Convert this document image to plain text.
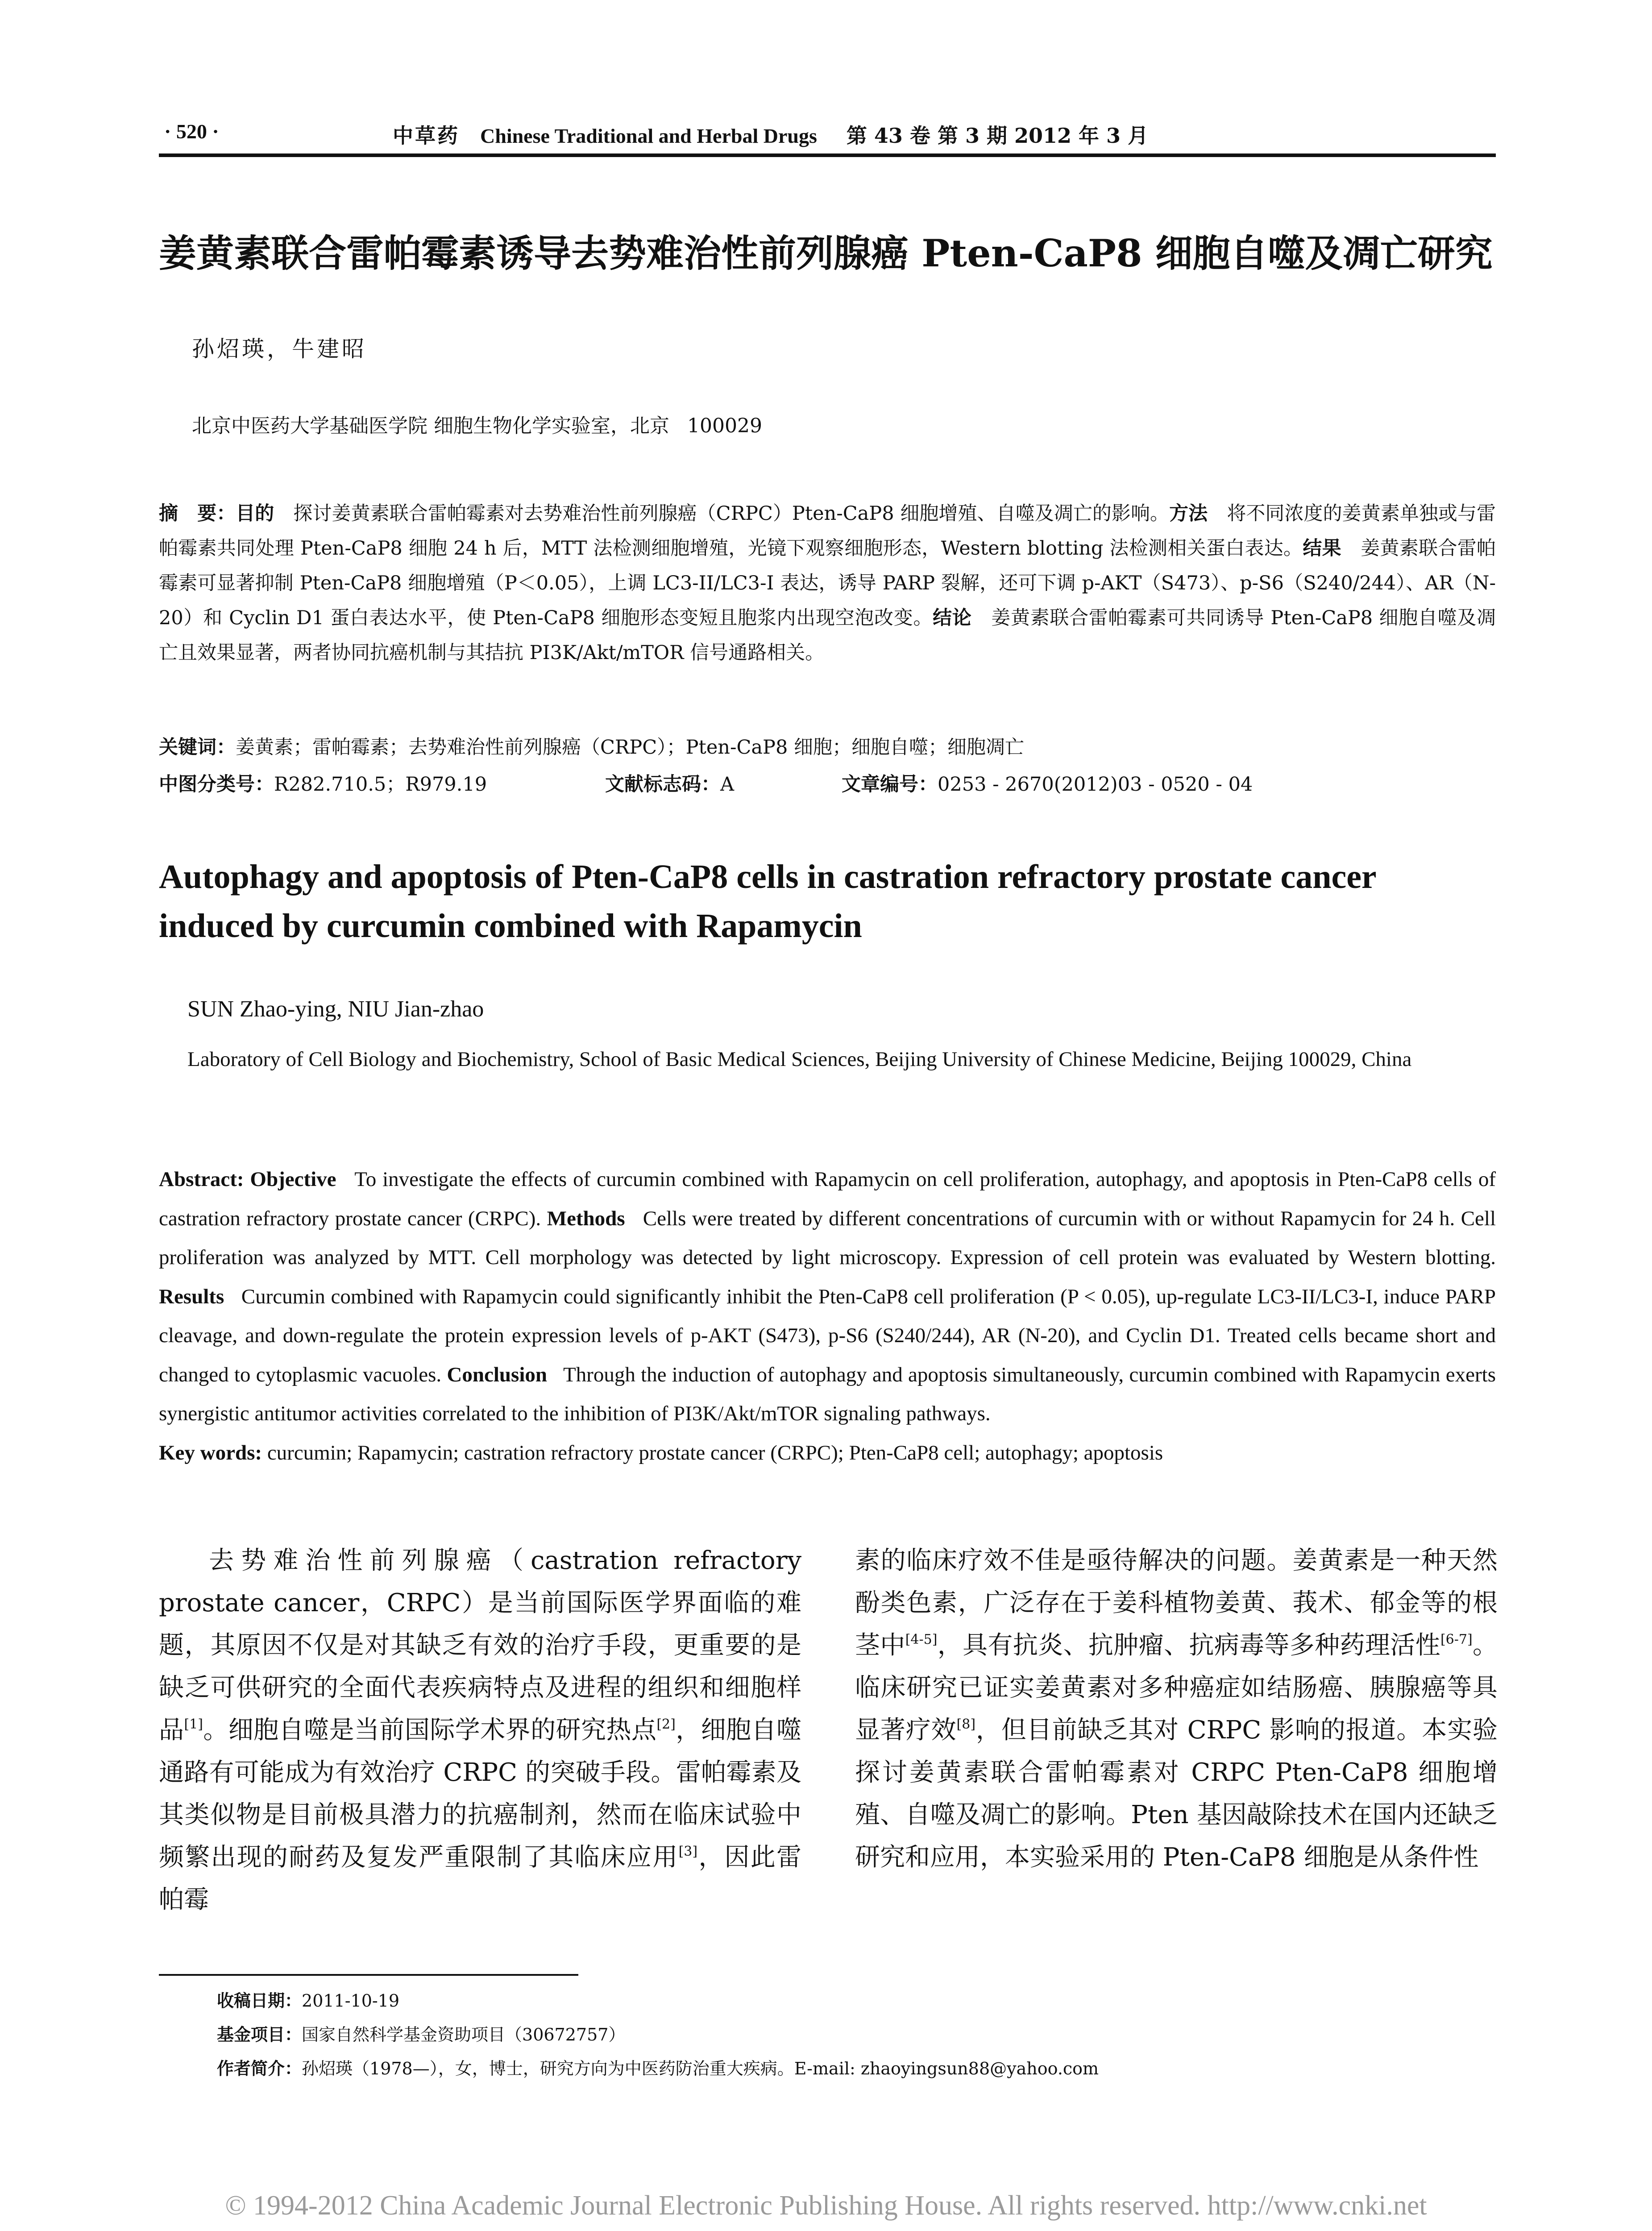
· 520 ·	中草药 Chinese Traditional and Herbal Drugs 第 43 卷 第 3 期 2012 年 3 月
姜黄素联合雷帕霉素诱导去势难治性前列腺癌 Pten-CaP8 细胞自噬及凋亡研究
孙炤瑛，牛建昭
北京中医药大学基础医学院 细胞生物化学实验室，北京 100029
摘　要：目的　 探讨姜黄素联合雷帕霉素对去势难治性前列腺癌（CRPC）Pten-CaP8 细胞增殖、自噬及凋亡的影响。方法　 将不同浓度的姜黄素单独或与雷帕霉素共同处理 Pten-CaP8 细胞 24 h 后，MTT 法检测细胞增殖，光镜下观察细胞形态，Western blotting 法检测相关蛋白表达。结果　 姜黄素联合雷帕霉素可显著抑制 Pten-CaP8 细胞增殖（P＜0.05），上调 LC3-II/LC3-I 表达，诱导 PARP 裂解，还可下调 p-AKT（S473）、p-S6（S240/244）、AR（N-20）和 Cyclin D1 蛋白表达水平，使 Pten-CaP8 细胞形态变短且胞浆内出现空泡改变。结论　 姜黄素联合雷帕霉素可共同诱导 Pten-CaP8 细胞自噬及凋亡且效果显著，两者协同抗癌机制与其拮抗 PI3K/Akt/mTOR 信号通路相关。
关键词：姜黄素；雷帕霉素；去势难治性前列腺癌（CRPC）；Pten-CaP8 细胞；细胞自噬；细胞凋亡
中图分类号：R282.710.5；R979.19	文献标志码：A	文章编号：0253 - 2670(2012)03 - 0520 - 04
Autophagy and apoptosis of Pten-CaP8 cells in castration refractory prostate cancer induced by curcumin combined with Rapamycin
SUN Zhao-ying, NIU Jian-zhao
Laboratory of Cell Biology and Biochemistry, School of Basic Medical Sciences, Beijing University of Chinese Medicine, Beijing 100029, China
Abstract: Objective To investigate the effects of curcumin combined with Rapamycin on cell proliferation, autophagy, and apoptosis in Pten-CaP8 cells of castration refractory prostate cancer (CRPC). Methods Cells were treated by different concentrations of curcumin with or without Rapamycin for 24 h. Cell proliferation was analyzed by MTT. Cell morphology was detected by light microscopy. Expression of cell protein was evaluated by Western blotting. Results Curcumin combined with Rapamycin could significantly inhibit the Pten-CaP8 cell proliferation (P < 0.05), up-regulate LC3-II/LC3-I, induce PARP cleavage, and down-regulate the protein expression levels of p-AKT (S473), p-S6 (S240/244), AR (N-20), and Cyclin D1. Treated cells became short and changed to cytoplasmic vacuoles. Conclusion Through the induction of autophagy and apoptosis simultaneously, curcumin combined with Rapamycin exerts synergistic antitumor activities correlated to the inhibition of PI3K/Akt/mTOR signaling pathways.
Key words: curcumin; Rapamycin; castration refractory prostate cancer (CRPC); Pten-CaP8 cell; autophagy; apoptosis
去势难治性前列腺癌（castration refractory prostate cancer，CRPC）是当前国际医学界面临的难题，其原因不仅是对其缺乏有效的治疗手段，更重要的是缺乏可供研究的全面代表疾病特点及进程的组织和细胞样品[1]。细胞自噬是当前国际学术界的研究热点[2]，细胞自噬通路有可能成为有效治疗 CRPC 的突破手段。雷帕霉素及其类似物是目前极具潜力的抗癌制剂，然而在临床试验中频繁出现的耐药及复发严重限制了其临床应用[3]，因此雷帕霉
素的临床疗效不佳是亟待解决的问题。姜黄素是一种天然酚类色素，广泛存在于姜科植物姜黄、莪术、郁金等的根茎中[4-5]，具有抗炎、抗肿瘤、抗病毒等多种药理活性[6-7]。临床研究已证实姜黄素对多种癌症如结肠癌、胰腺癌等具显著疗效[8]，但目前缺乏其对 CRPC 影响的报道。本实验探讨姜黄素联合雷帕霉素对 CRPC Pten-CaP8 细胞增殖、自噬及凋亡的影响。Pten 基因敲除技术在国内还缺乏研究和应用，本实验采用的 Pten-CaP8 细胞是从条件性
收稿日期：2011-10-19
基金项目：国家自然科学基金资助项目（30672757）
作者简介：孙炤瑛（1978—），女，博士，研究方向为中医药防治重大疾病。E-mail: zhaoyingsun88@yahoo.com
© 1994-2012 China Academic Journal Electronic Publishing House. All rights reserved. http://www.cnki.net
